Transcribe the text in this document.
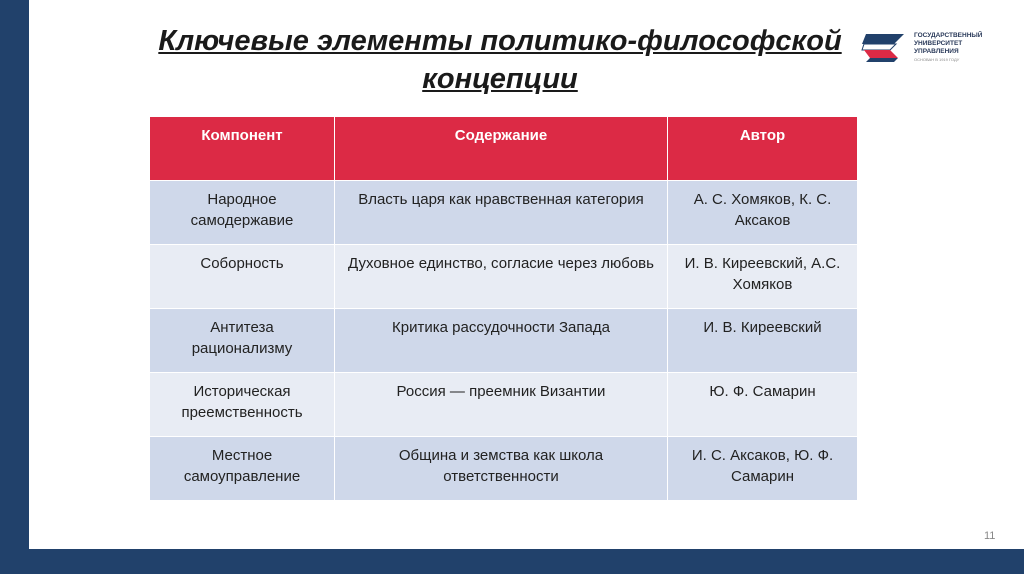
Ключевые элементы политико-философской концепции
ГОСУДАРСТВЕННЫЙ
УНИВЕРСИТЕТ
УПРАВЛЕНИЯ
ОСНОВАН В 1919 ГОДУ
Компонент	Содержание	Автор
Народное самодержавие	Власть царя как нравственная категория	А. С. Хомяков, К. С. Аксаков
Соборность	Духовное единство, согласие через любовь	И. В. Киреевский, А.С. Хомяков
Антитеза рационализму	Критика рассудочности Запада	И. В. Киреевский
Историческая преемственность	Россия — преемник Византии	Ю. Ф. Самарин
Местное самоуправление	Община и земства как школа ответственности	И. С. Аксаков, Ю. Ф. Самарин
11
